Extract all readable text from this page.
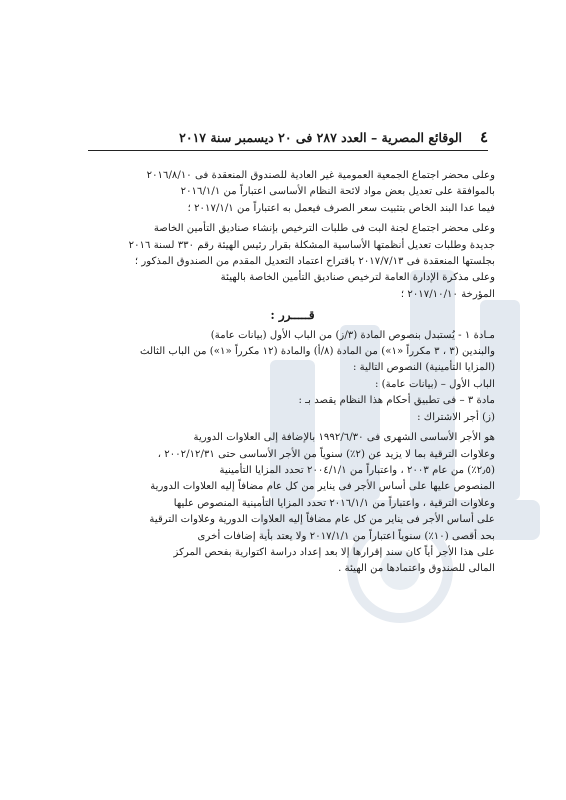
٤
الوقائع المصرية – العدد ٢٨٧ فى ٢٠ ديسمبر سنة ٢٠١٧

وعلى محضر اجتماع الجمعية العمومية غير العادية للصندوق المنعقدة فى ٢٠١٦/٨/١٠

بالموافقة على تعديل بعض مواد لائحة النظام الأساسى اعتباراً من ٢٠١٦/١/١

فيما عدا البند الخاص بتثبيت سعر الصرف فيعمل به اعتباراً من ٢٠١٧/١/١ ؛

وعلى محضر اجتماع لجنة البت فى طلبات الترخيص بإنشاء صناديق التأمين الخاصة

جديدة وطلبات تعديل أنظمتها الأساسية المشكلة بقرار رئيس الهيئة رقم ٣٣٠ لسنة ٢٠١٦

بجلستها المنعقدة فى ٢٠١٧/٧/١٣ باقتراح اعتماد التعديل المقدم من الصندوق المذكور ؛

وعلى مذكرة الإدارة العامة لترخيص صناديق التأمين الخاصة بالهيئة

المؤرخة ٢٠١٧/١٠/١٠ ؛

قـــــرر :

مـادة ١ - يُستبدل بنصوص المادة (٣/ز) من الباب الأول (بيانات عامة)

والبندين (٣ ، ٣ مكرراً «١») من المادة (٨/أ) والمادة (١٢ مكرراً «١») من الباب الثالث

(المزايا التأمينية) النصوص التالية :

الباب الأول – (بيانات عامة) :

مادة ٣ – فى تطبيق أحكام هذا النظام يقصد بـ :

(ز) أجر الاشتراك :

هو الأجر الأساسى الشهرى فى ١٩٩٢/٦/٣٠ بالإضافة إلى العلاوات الدورية

وعلاوات الترقية بما لا يزيد عن (٢٪) سنوياً من الأجر الأساسى حتى ٢٠٠٢/١٢/٣١ ،

(٢٫٥٪) من عام ٢٠٠٣ ، واعتباراً من ٢٠٠٤/١/١ تحدد المزايا التأمينية

المنصوص عليها على أساس الأجر فى يناير من كل عام مضافاً إليه العلاوات الدورية

وعلاوات الترقية ، واعتباراً من ٢٠١٦/١/١ تحدد المزايا التأمينية المنصوص عليها

على أساس الأجر فى يناير من كل عام مضافاً إليه العلاوات الدورية وعلاوات الترقية

بحد أقصى (١٠٪) سنوياً اعتباراً من ٢٠١٧/١/١ ولا يعتد بأية إضافات أخرى

على هذا الأجر أياً كان سند إقرارها إلا بعد إعداد دراسة اكتوارية بفحص المركز

المالى للصندوق واعتمادها من الهيئة .
